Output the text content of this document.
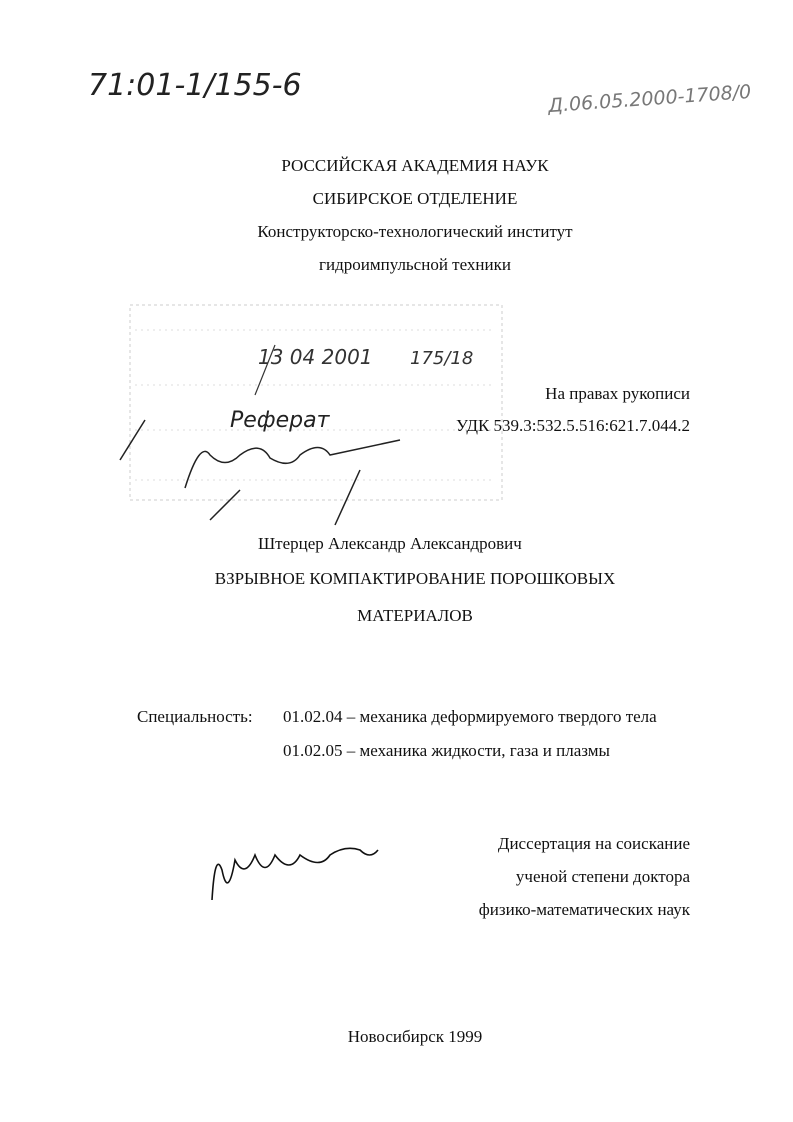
71:01-1/155-6	Д.06.05.2000-1708/0
РОССИЙСКАЯ АКАДЕМИЯ НАУК
СИБИРСКОЕ ОТДЕЛЕНИЕ
Конструкторско-технологический институт
гидроимпульсной техники
13 04 2001 175/18
Реферат
На правах рукописи
УДК 539.3:532.5.516:621.7.044.2
Штерцер Александр Александрович
ВЗРЫВНОЕ КОМПАКТИРОВАНИЕ ПОРОШКОВЫХ
МАТЕРИАЛОВ
Специальность: 01.02.04 – механика деформируемого твердого тела
01.02.05 – механика жидкости, газа и плазмы
Диссертация на соискание
ученой степени доктора
физико-математических наук
Новосибирск 1999
